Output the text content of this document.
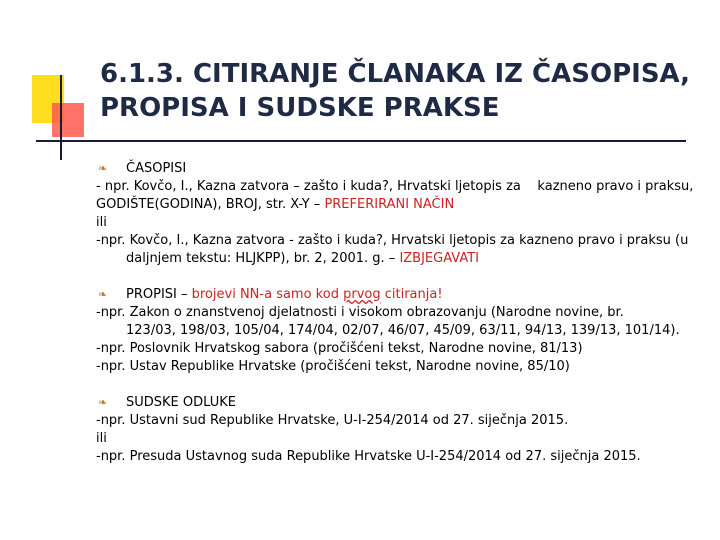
6.1.3. CITIRANJE ČLANAKA IZ ČASOPISA,
PROPISA I SUDSKE PRAKSE
❧ ČASOPISI
- npr. Kovčo, I., Kazna zatvora – zašto i kuda?, Hrvatski ljetopis za kazneno pravo i praksu,
GODIŠTE(GODINA), BROJ, str. X-Y – PREFERIRANI NAČIN
ili
-npr. Kovčo, I., Kazna zatvora - zašto i kuda?, Hrvatski ljetopis za kazneno pravo i praksu (u
daljnjem tekstu: HLJKPP), br. 2, 2001. g. – IZBJEGAVATI
❧ PROPISI – brojevi NN-a samo kod prvog citiranja!
-npr. Zakon o znanstvenoj djelatnosti i visokom obrazovanju (Narodne novine, br.
123/03, 198/03, 105/04, 174/04, 02/07, 46/07, 45/09, 63/11, 94/13, 139/13, 101/14).
-npr. Poslovnik Hrvatskog sabora (pročišćeni tekst, Narodne novine, 81/13)
-npr. Ustav Republike Hrvatske (pročišćeni tekst, Narodne novine, 85/10)
❧ SUDSKE ODLUKE
-npr. Ustavni sud Republike Hrvatske, U-I-254/2014 od 27. siječnja 2015.
ili
-npr. Presuda Ustavnog suda Republike Hrvatske U-I-254/2014 od 27. siječnja 2015.
